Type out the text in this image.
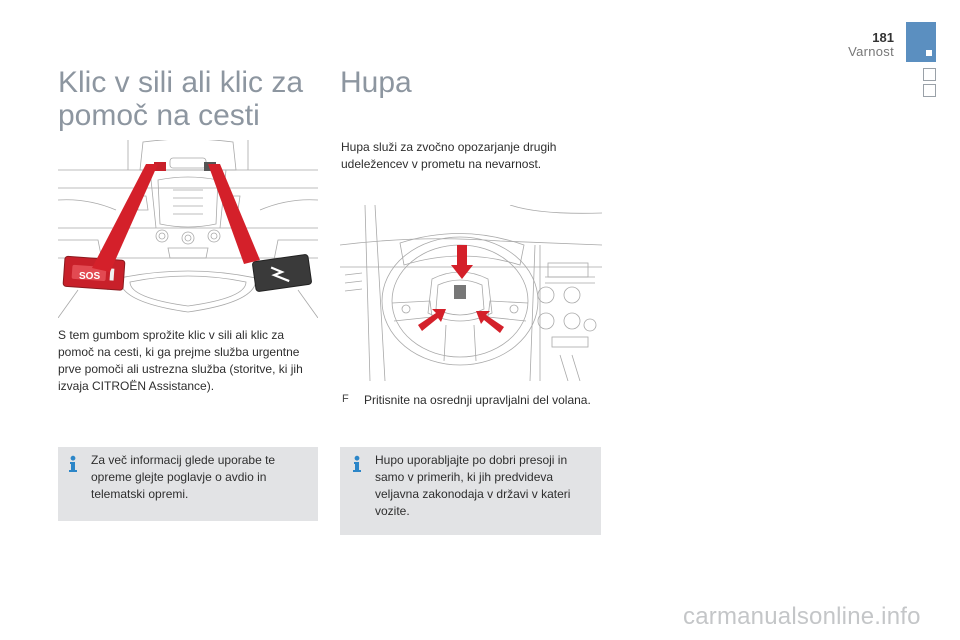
181
Varnost
Klic v sili ali klic za pomoč na cesti
SOS
S tem gumbom sprožite klic v sili ali klic za pomoč na cesti, ki ga prejme služba urgentne prve pomoči ali ustrezna služba (storitve, ki jih izvaja CITROËN Assistance).
Za več informacij glede uporabe te opreme glejte poglavje o avdio in telematski opremi.
Hupa
Hupa služi za zvočno opozarjanje drugih udeležencev v prometu na nevarnost.
F Pritisnite na osrednji upravljalni del volana.
Hupo uporabljajte po dobri presoji in samo v primerih, ki jih predvideva veljavna zakonodaja v državi v kateri vozite.
carmanualsonline.info
